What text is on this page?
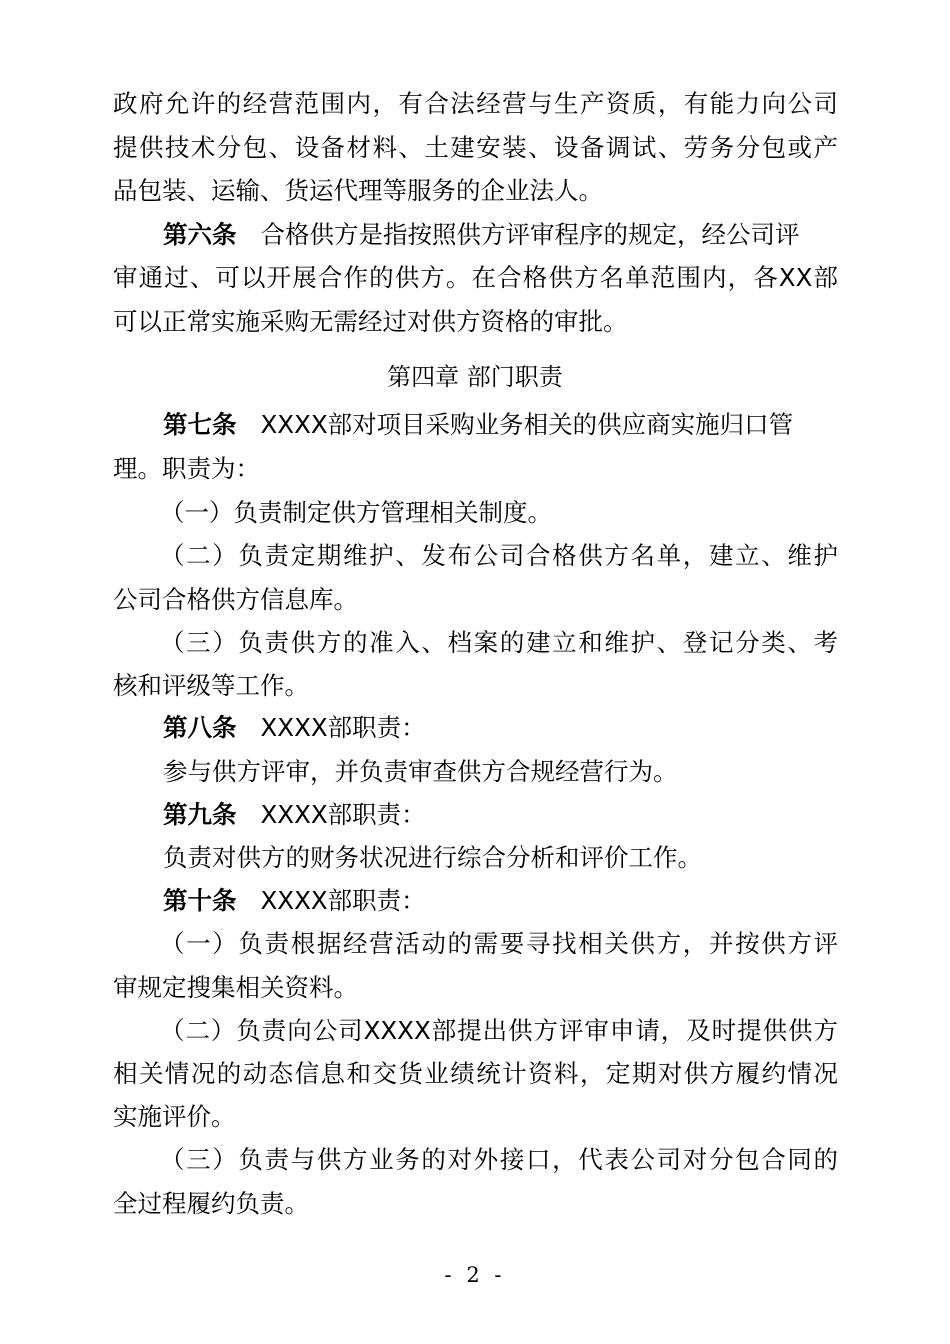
政府允许的经营范围内，有合法经营与生产资质，有能力向公司
提供技术分包、设备材料、土建安装、设备调试、劳务分包或产
品包装、运输、货运代理等服务的企业法人。
第六条 合格供方是指按照供方评审程序的规定，经公司评
审通过、可以开展合作的供方。在合格供方名单范围内，各XX部
可以正常实施采购无需经过对供方资格的审批。
第四章 部门职责
第七条 XXXX部对项目采购业务相关的供应商实施归口管
理。职责为：
（一）负责制定供方管理相关制度。
（二）负责定期维护、发布公司合格供方名单，建立、维护
公司合格供方信息库。
（三）负责供方的准入、档案的建立和维护、登记分类、考
核和评级等工作。
第八条 XXXX部职责：
参与供方评审，并负责审查供方合规经营行为。
第九条 XXXX部职责：
负责对供方的财务状况进行综合分析和评价工作。
第十条 XXXX部职责：
（一）负责根据经营活动的需要寻找相关供方，并按供方评
审规定搜集相关资料。
（二）负责向公司XXXX部提出供方评审申请，及时提供供方
相关情况的动态信息和交货业绩统计资料，定期对供方履约情况
实施评价。
（三）负责与供方业务的对外接口，代表公司对分包合同的
全过程履约负责。
- 2 -
